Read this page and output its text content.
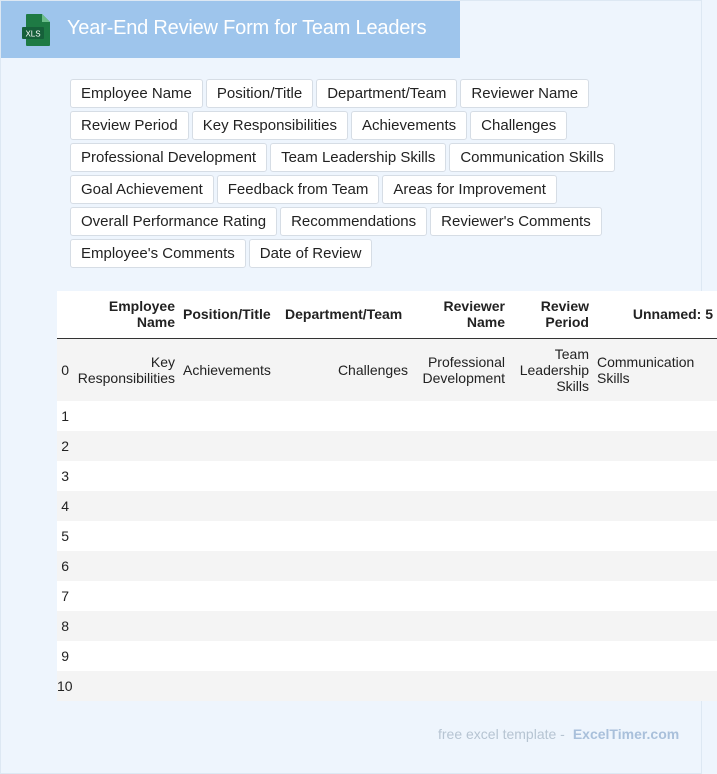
XLS Year-End Review Form for Team Leaders
Employee Name	Position/Title	Department/Team	Reviewer Name
Review Period	Key Responsibilities	Achievements	Challenges
Professional Development	Team Leadership Skills	Communication Skills
Goal Achievement	Feedback from Team	Areas for Improvement
Overall Performance Rating	Recommendations	Reviewer's Comments
Employee's Comments	Date of Review
	Employee Name	Position/Title	Department/Team	Reviewer Name	Review Period	Unnamed: 5
0	Key Responsibilities	Achievements	Challenges	Professional Development	Team Leadership Skills	Communication Skills
1						
2						
3						
4						
5						
6						
7						
8						
9						
10						
free excel template - ExcelTimer.com
